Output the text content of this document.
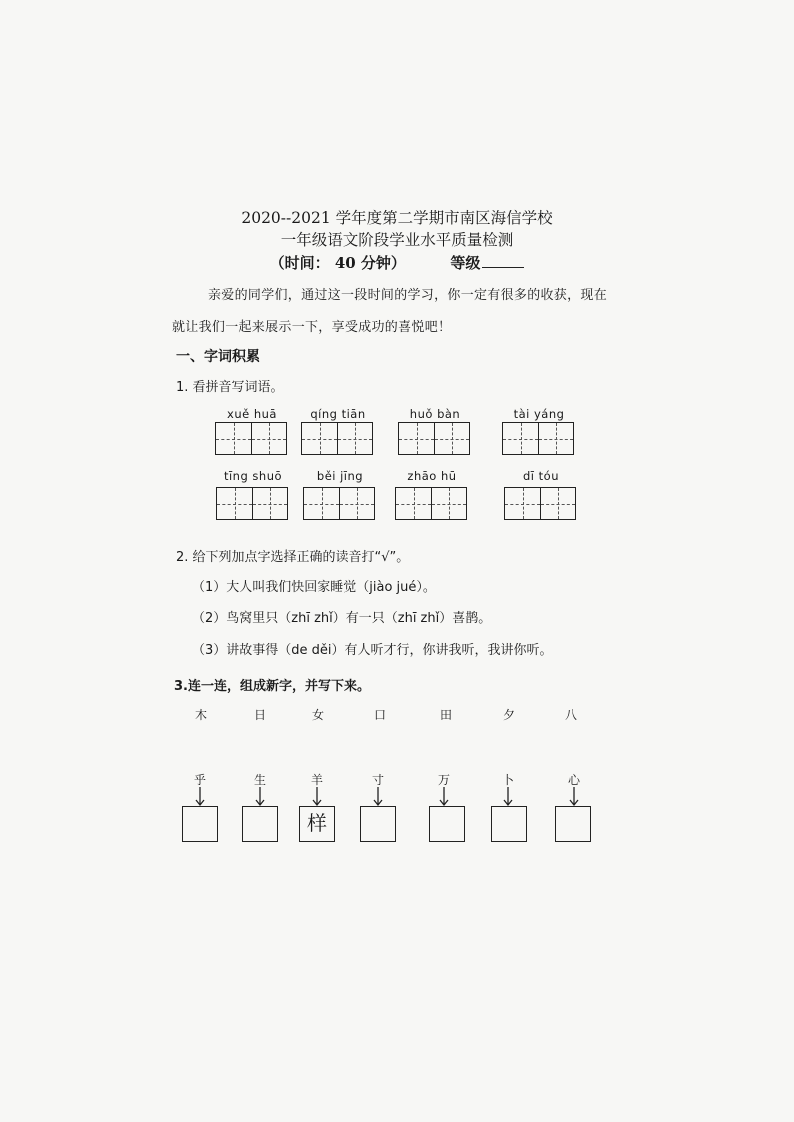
2020--2021 学年度第二学期市南区海信学校
一年级语文阶段学业水平质量检测
（时间： 40 分钟）	等级
亲爱的同学们，通过这一段时间的学习，你一定有很多的收获，现在
就让我们一起来展示一下，享受成功的喜悦吧！
一、字词积累
1. 看拼音写词语。
xuě huā	qíng tiān	huǒ bàn	tài yáng
tīng shuō	běi jīng	zhāo hū	dī tóu
2. 给下列加点字选择正确的读音打“√”。
（1）大人叫我们快回家睡觉（jiào jué）。
（2）鸟窝里只（zhī zhǐ）有一只（zhī zhǐ）喜鹊。
（3）讲故事得（de děi）有人听才行，你讲我听，我讲你听。
3.连一连，组成新字，并写下来。
木	日	女	口	田	夕	八
乎	生	羊	寸	万	卜	心
样
